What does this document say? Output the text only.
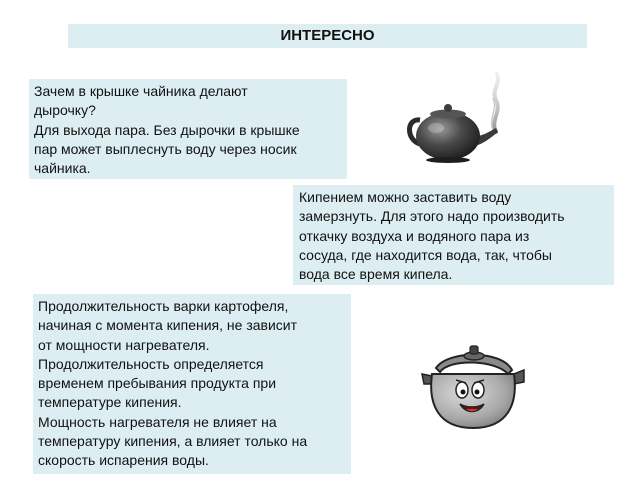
ИНТЕРЕСНО

Зачем в крышке чайника делают

дырочку?

Для выхода пара. Без дырочки в крышке

пар может выплеснуть воду через носик

чайника.

Кипением можно заставить воду

замерзнуть. Для этого надо производить

откачку воздуха и водяного пара из

сосуда, где находится вода, так, чтобы

вода все время кипела.

Продолжительность варки картофеля,

начиная с момента кипения, не зависит

от мощности нагревателя.

Продолжительность определяется

временем пребывания продукта при

температуре кипения.

Мощность нагревателя не влияет на

температуру кипения, а влияет только на

скорость испарения воды.
